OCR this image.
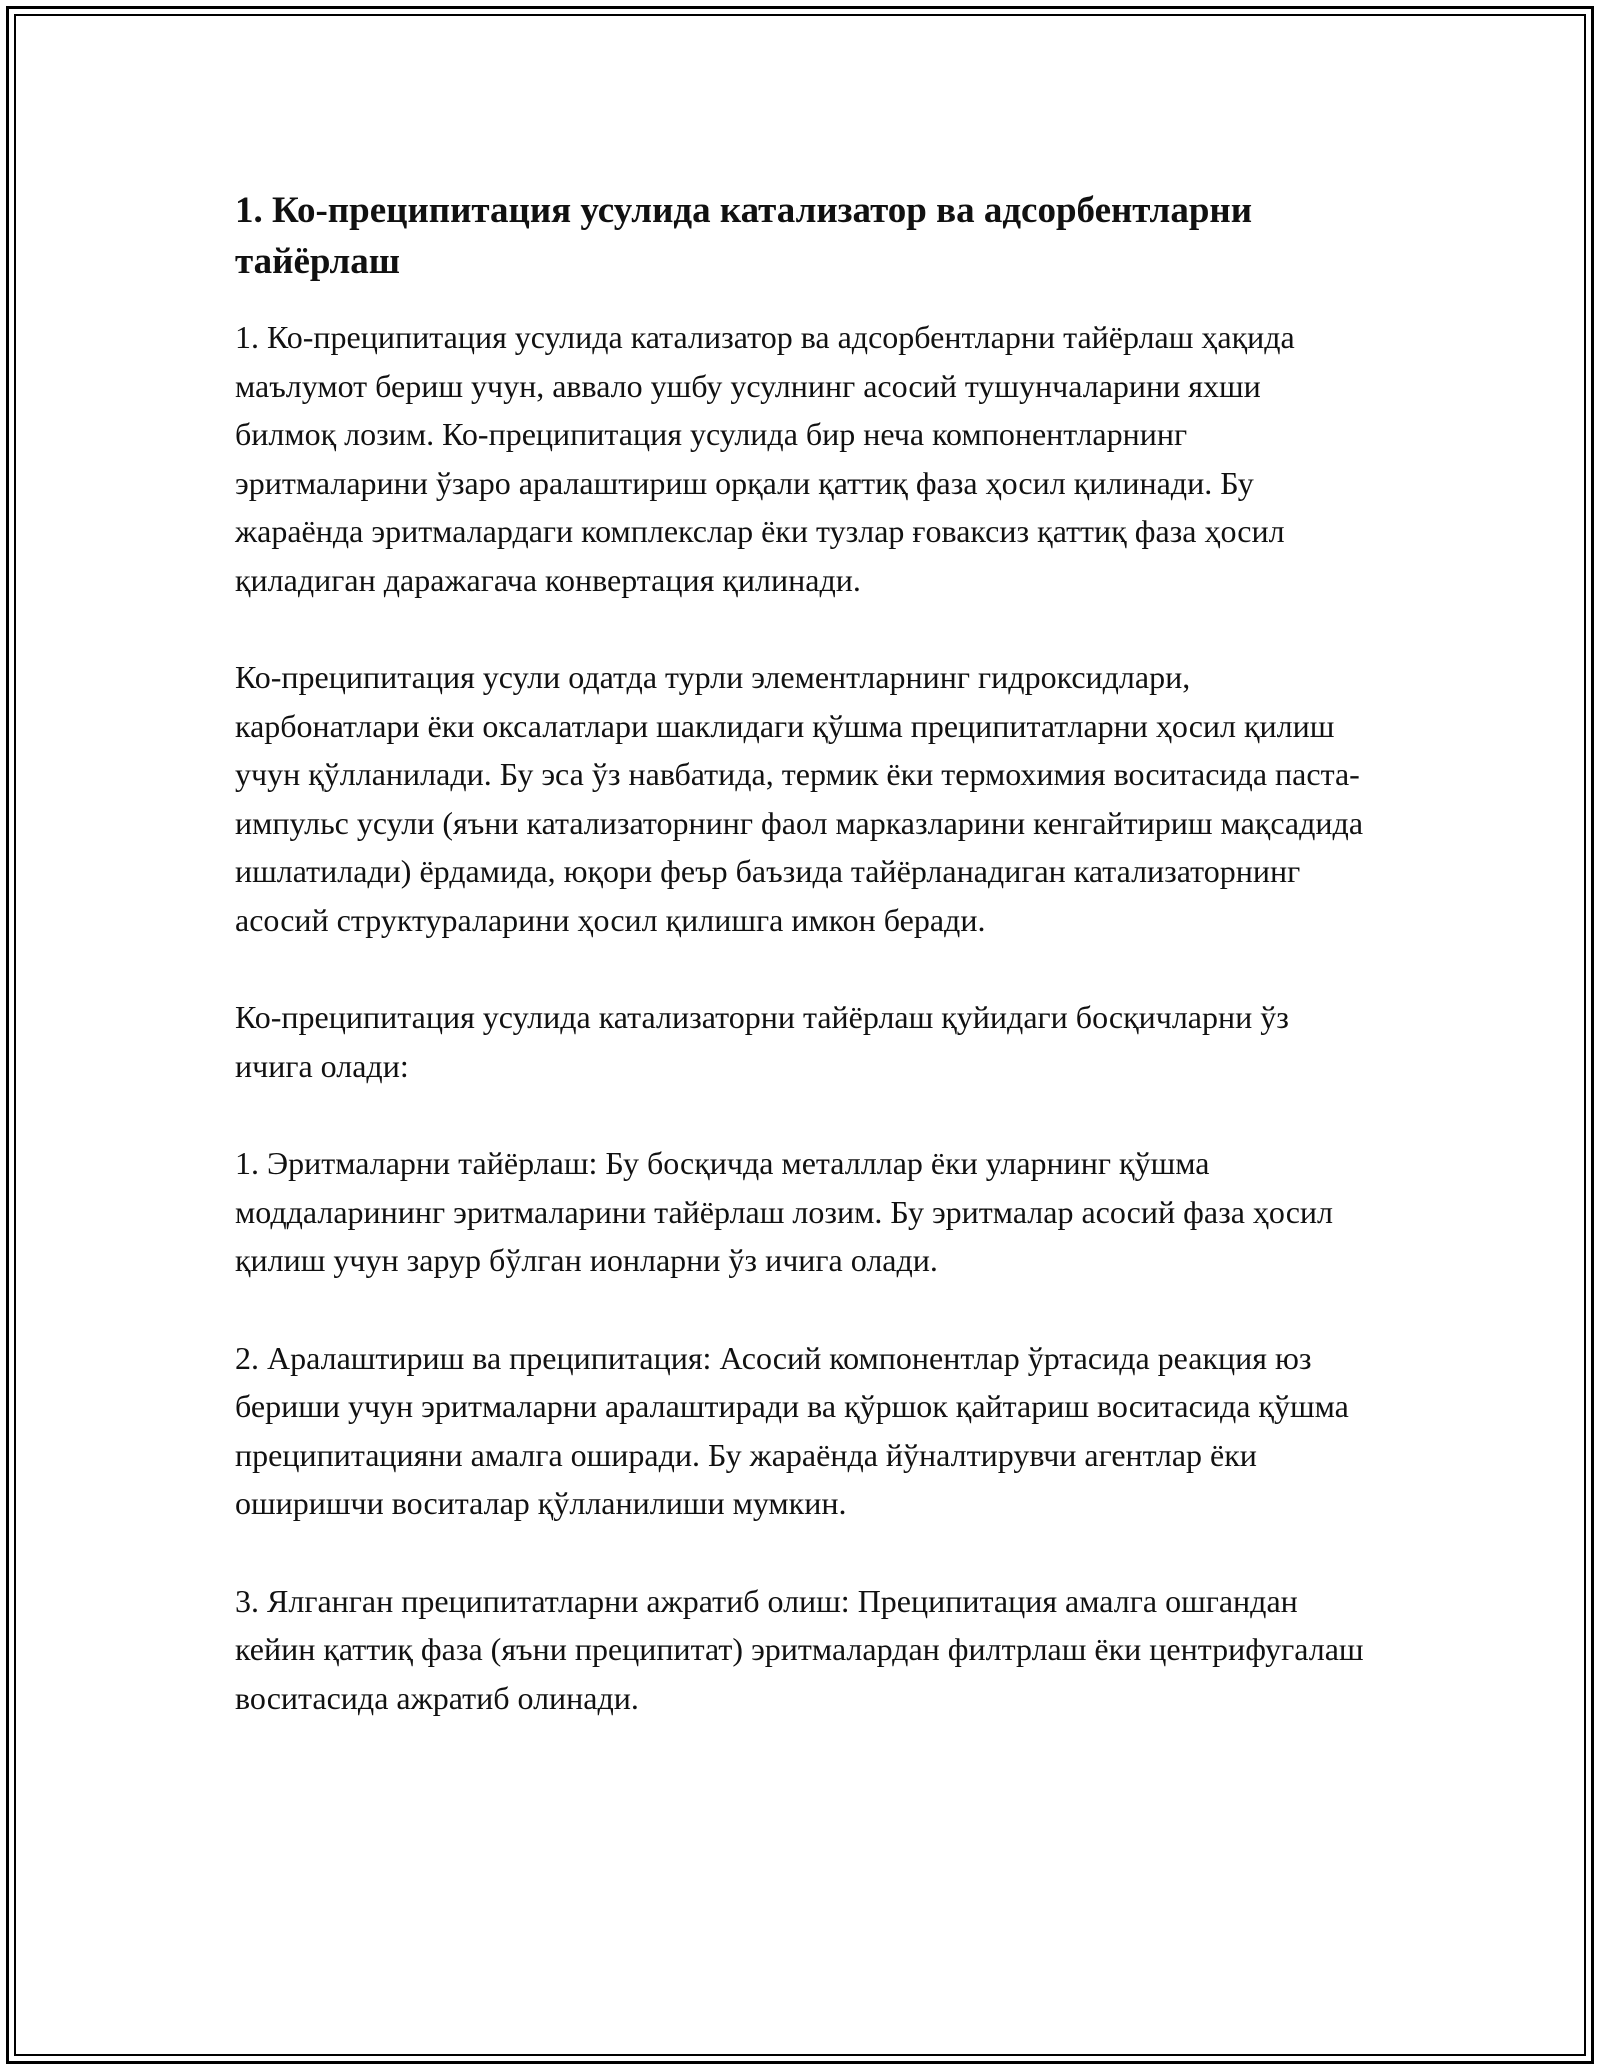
1. Ко-преципитация усулида катализатор ва адсорбентларни тайёрлаш

1. Ко-преципитация усулида катализатор ва адсорбентларни тайёрлаш ҳақида маълумот бериш учун, аввало ушбу усулнинг асосий тушунчаларини яхши билмоқ лозим. Ко-преципитация усулида бир неча компонентларнинг эритмаларини ўзаро аралаштириш орқали қаттиқ фаза ҳосил қилинади. Бу жараёнда эритмалардаги комплекслар ёки тузлар ғоваксиз қаттиқ фаза ҳосил қиладиган даражагача конвертация қилинади.

Ко-преципитация усули одатда турли элементларнинг гидроксидлари, карбонатлари ёки оксалатлари шаклидаги қўшма преципитатларни ҳосил қилиш учун қўлланилади. Бу эса ўз навбатида, термик ёки термохимия воситасида паста-импульс усули (яъни катализаторнинг фаол марказларини кенгайтириш мақсадида ишлатилади) ёрдамида, юқори феър баъзида тайёрланадиган катализаторнинг асосий структураларини ҳосил қилишга имкон беради.

Ко-преципитация усулида катализаторни тайёрлаш қуйидаги босқичларни ўз ичига олади:

1. Эритмаларни тайёрлаш: Бу босқичда металллар ёки уларнинг қўшма моддаларининг эритмаларини тайёрлаш лозим. Бу эритмалар асосий фаза ҳосил қилиш учун зарур бўлган ионларни ўз ичига олади.

2. Аралаштириш ва преципитация: Асосий компонентлар ўртасида реакция юз бериши учун эритмаларни аралаштиради ва қўршок қайтариш воситасида қўшма преципитацияни амалга оширади. Бу жараёнда йўналтирувчи агентлар ёки оширишчи воситалар қўлланилиши мумкин.

3. Ялганган преципитатларни ажратиб олиш: Преципитация амалга ошгандан кейин қаттиқ фаза (яъни преципитат) эритмалардан филтрлаш ёки центрифугалаш воситасида ажратиб олинади.
